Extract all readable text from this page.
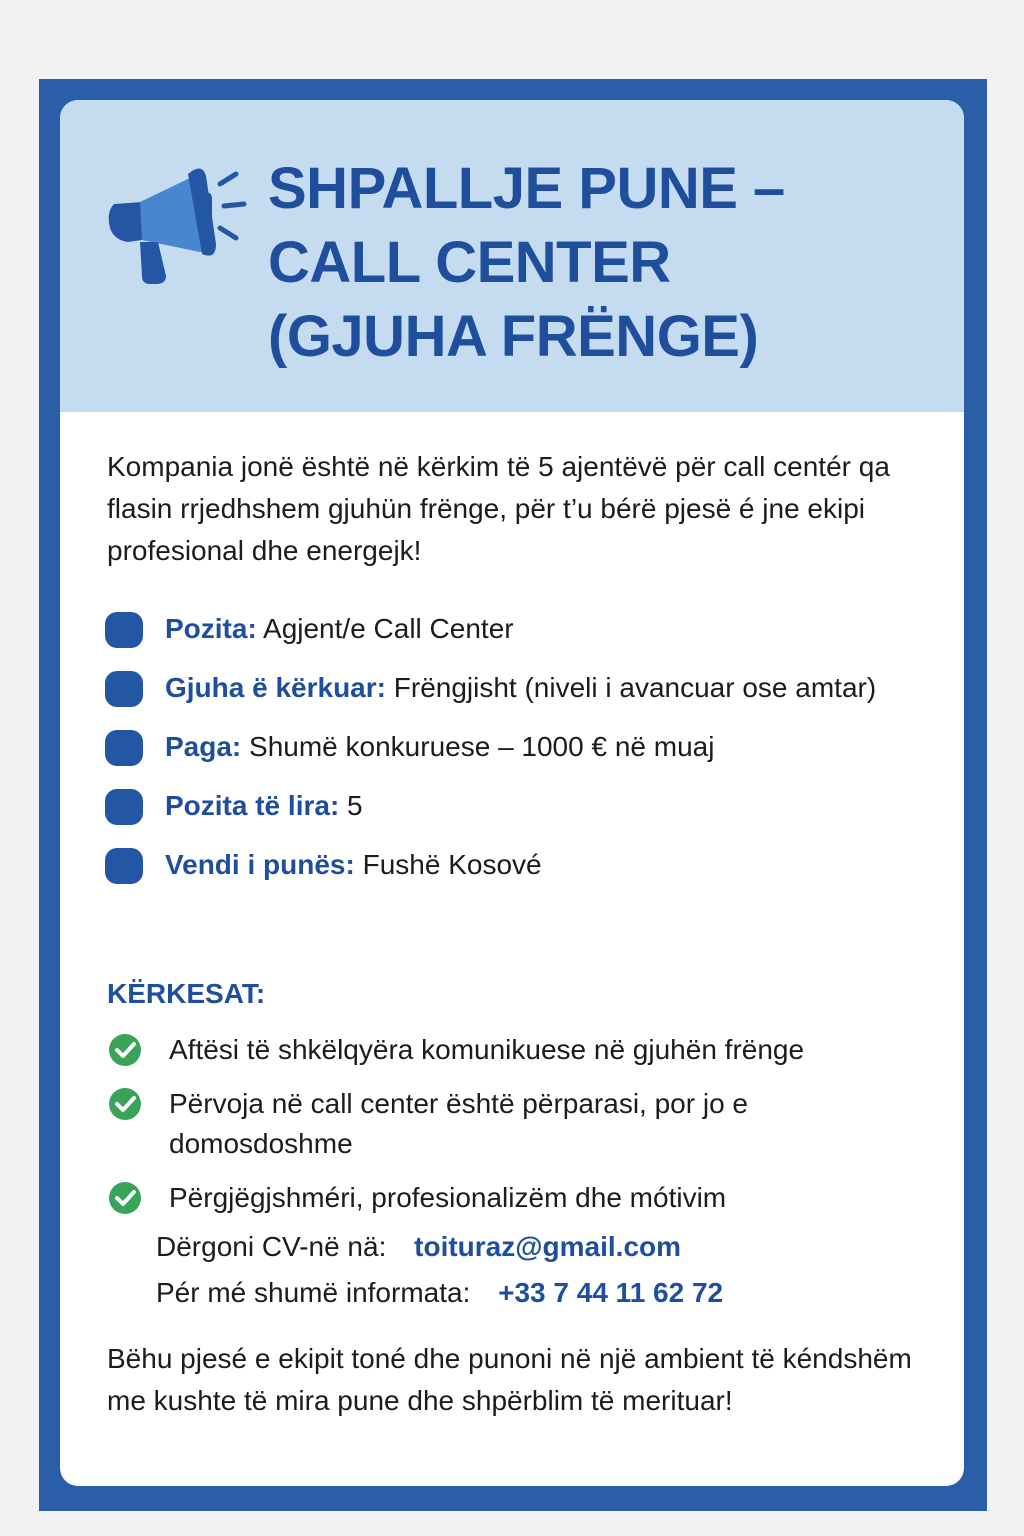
SHPALLJE PUNE –
CALL CENTER
(GJUHA FRËNGE)

Kompania jonë është në kërkim të 5 ajentëvë për call centér qa flasin rrjedhshem gjuhün frënge, për t’u bérë pjesë é jne ekipi profesional dhe energejk!

Pozita: Agjent/e Call Center
Gjuha ë kërkuar: Frëngjisht (niveli i avancuar ose amtar)
Paga: Shumë konkuruese – 1000 € në muaj
Pozita të lira: 5
Vendi i punës: Fushë Kosové
KËRKESAT:
Aftësi të shkëlqyëra komunikuese në gjuhën frënge
Përvoja në call center është përparasi, por jo e domosdoshme
Përgjëgjshméri, profesionalizëm dhe mótivim
Dërgoni CV-në nä: toituraz@gmail.com
Pér mé shumë informata: +33 7 44 11 62 72

Bëhu pjesé e ekipit toné dhe punoni në një ambient të kéndshëm me kushte të mira pune dhe shpërblim të merituar!
